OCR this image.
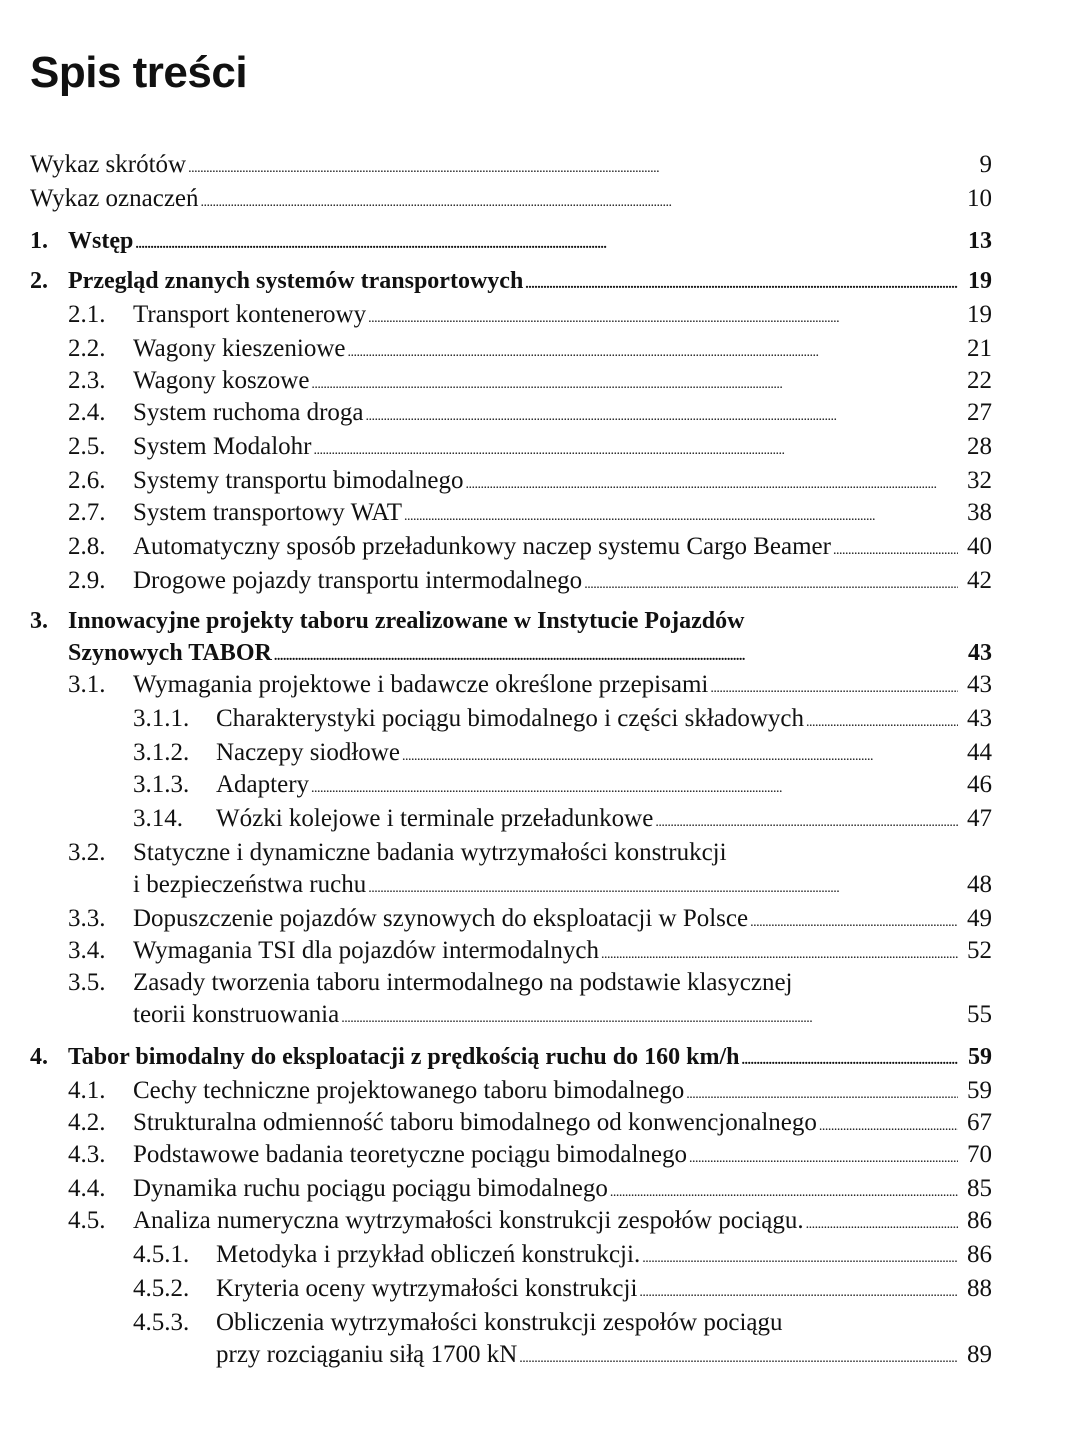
Spis treści
Wykaz skrótów . . .	9
Wykaz oznaczeń . . .	10
1. Wstęp . . .	13
2. Przegląd znanych systemów transportowych . . .	19
2.1. Transport kontenerowy . . .	19
2.2. Wagony kieszeniowe . . .	21
2.3. Wagony koszowe . . .	22
2.4. System ruchoma droga . . .	27
2.5. System Modalohr . . .	28
2.6. Systemy transportu bimodalnego . . .	32
2.7. System transportowy WAT . . .	38
2.8. Automatyczny sposób przeładunkowy naczep systemu Cargo Beamer . . .	40
2.9. Drogowe pojazdy transportu intermodalnego . . .	42
3. Innowacyjne projekty taboru zrealizowane w Instytucie Pojazdów
Szynowych TABOR . . .	43
3.1. Wymagania projektowe i badawcze określone przepisami . . .	43
3.1.1. Charakterystyki pociągu bimodalnego i części składowych . . .	43
3.1.2. Naczepy siodłowe . . .	44
3.1.3. Adaptery . . .	46
3.14. Wózki kolejowe i terminale przeładunkowe . . .	47
3.2. Statyczne i dynamiczne badania wytrzymałości konstrukcji
i bezpieczeństwa ruchu . . .	48
3.3. Dopuszczenie pojazdów szynowych do eksploatacji w Polsce . . .	49
3.4. Wymagania TSI dla pojazdów intermodalnych . . .	52
3.5. Zasady tworzenia taboru intermodalnego na podstawie klasycznej
teorii konstruowania . . .	55
4. Tabor bimodalny do eksploatacji z prędkością ruchu do 160 km/h . . .	59
4.1. Cechy techniczne projektowanego taboru bimodalnego . . .	59
4.2. Strukturalna odmienność taboru bimodalnego od konwencjonalnego . . .	67
4.3. Podstawowe badania teoretyczne pociągu bimodalnego . . .	70
4.4. Dynamika ruchu pociągu pociągu bimodalnego . . .	85
4.5. Analiza numeryczna wytrzymałości konstrukcji zespołów pociągu. . . .	86
4.5.1. Metodyka i przykład obliczeń konstrukcji. . . .	86
4.5.2. Kryteria oceny wytrzymałości konstrukcji . . .	88
4.5.3. Obliczenia wytrzymałości konstrukcji zespołów pociągu
przy rozciąganiu siłą 1700 kN . . .	89
